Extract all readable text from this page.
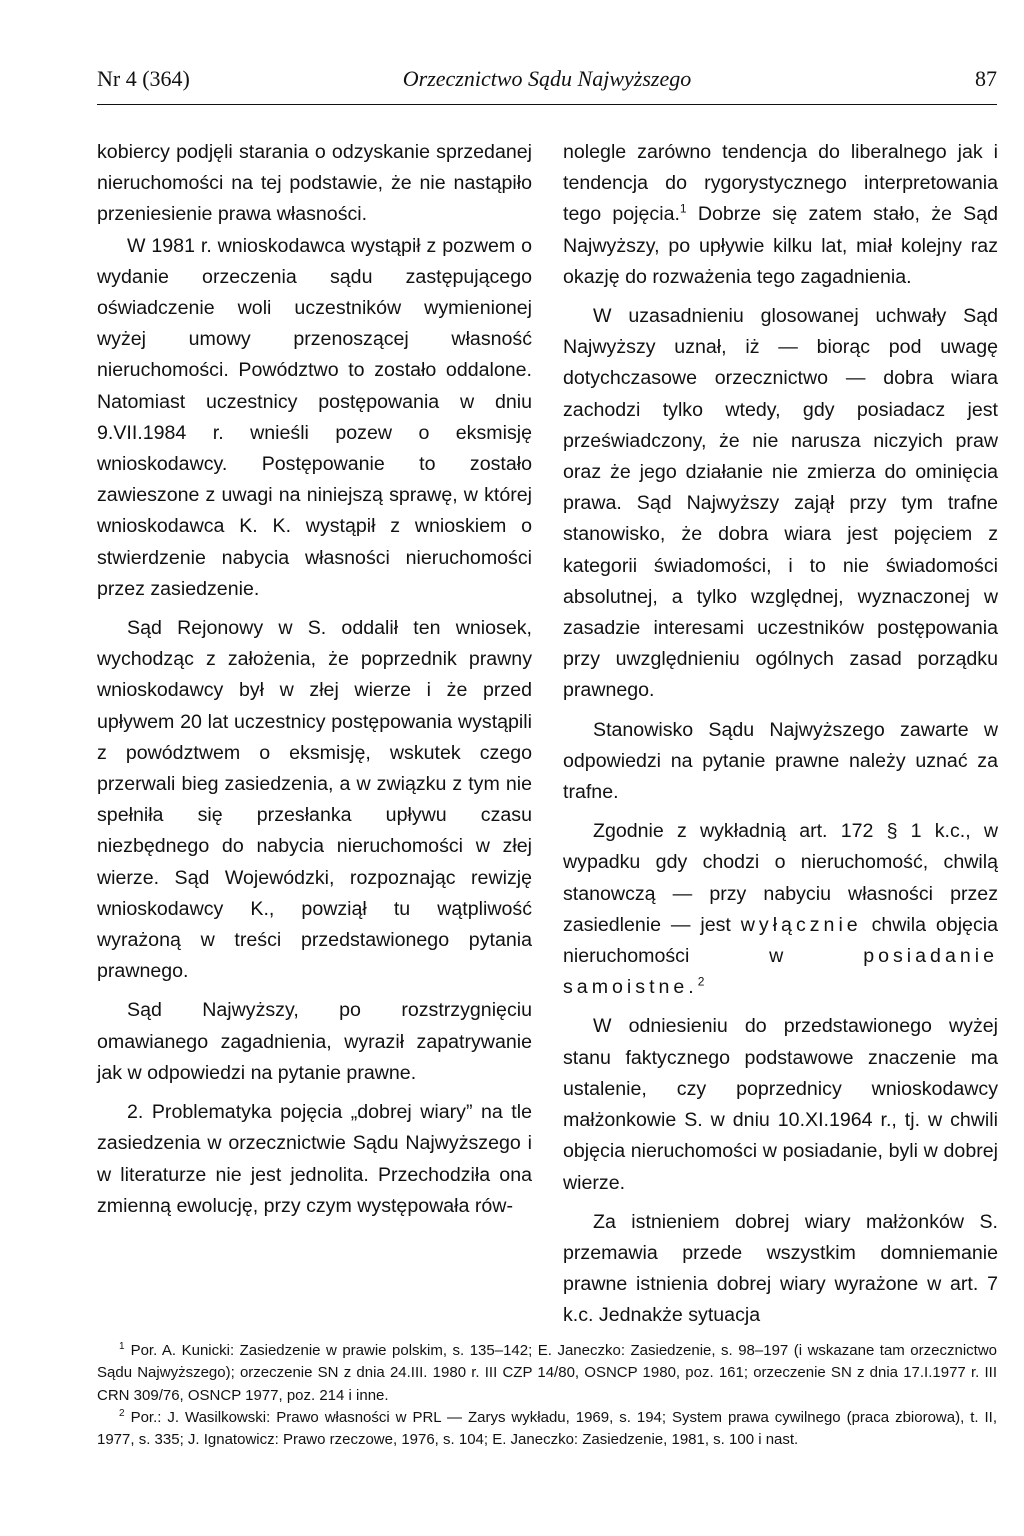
Nr 4 (364)	Orzecznictwo Sądu Najwyższego	87

kobiercy podjęli starania o odzyskanie sprzedanej nieruchomości na tej podstawie, że nie nastąpiło przeniesienie prawa własności.

W 1981 r. wnioskodawca wystąpił z pozwem o wydanie orzeczenia sądu zastępującego oświadczenie woli uczestników wymienionej wyżej umowy przenoszącej własność nieruchomości. Powództwo to zostało oddalone. Natomiast uczestnicy postępowania w dniu 9.VII.1984 r. wnieśli pozew o eksmisję wnioskodawcy. Postępowanie to zostało zawieszone z uwagi na niniejszą sprawę, w której wnioskodawca K. K. wystąpił z wnioskiem o stwierdzenie nabycia własności nieruchomości przez zasiedzenie.

Sąd Rejonowy w S. oddalił ten wniosek, wychodząc z założenia, że poprzednik prawny wnioskodawcy był w złej wierze i że przed upływem 20 lat uczestnicy postępowania wystąpili z powództwem o eksmisję, wskutek czego przerwali bieg zasiedzenia, a w związku z tym nie spełniła się przesłanka upływu czasu niezbędnego do nabycia nieruchomości w złej wierze. Sąd Wojewódzki, rozpoznając rewizję wnioskodawcy K., powziął tu wątpliwość wyrażoną w treści przedstawionego pytania prawnego.

Sąd Najwyższy, po rozstrzygnięciu omawianego zagadnienia, wyraził zapatrywanie jak w odpowiedzi na pytanie prawne.

2. Problematyka pojęcia „dobrej wiary” na tle zasiedzenia w orzecznictwie Sądu Najwyższego i w literaturze nie jest jednolita. Przechodziła ona zmienną ewolucję, przy czym występowała rów-

nolegle zarówno tendencja do liberalnego jak i tendencja do rygorystycznego interpretowania tego pojęcia.$^1$ Dobrze się zatem stało, że Sąd Najwyższy, po upływie kilku lat, miał kolejny raz okazję do rozważenia tego zagadnienia.

W uzasadnieniu glosowanej uchwały Sąd Najwyższy uznał, iż — biorąc pod uwagę dotychczasowe orzecznictwo — dobra wiara zachodzi tylko wtedy, gdy posiadacz jest przeświadczony, że nie narusza niczyich praw oraz że jego działanie nie zmierza do ominięcia prawa. Sąd Najwyższy zajął przy tym trafne stanowisko, że dobra wiara jest pojęciem z kategorii świadomości, i to nie świadomości absolutnej, a tylko względnej, wyznaczonej w zasadzie interesami uczestników postępowania przy uwzględnieniu ogólnych zasad porządku prawnego.

Stanowisko Sądu Najwyższego zawarte w odpowiedzi na pytanie prawne należy uznać za trafne.

Zgodnie z wykładnią art. 172 § 1 k.c., w wypadku gdy chodzi o nieruchomość, chwilą stanowczą — przy nabyciu własności przez zasiedlenie — jest wyłącznie chwila objęcia nieruchomości w posiadanie samoistne.$^2$

W odniesieniu do przedstawionego wyżej stanu faktycznego podstawowe znaczenie ma ustalenie, czy poprzednicy wnioskodawcy małżonkowie S. w dniu 10.XI.1964 r., tj. w chwili objęcia nieruchomości w posiadanie, byli w dobrej wierze.

Za istnieniem dobrej wiary małżonków S. przemawia przede wszystkim domniemanie prawne istnienia dobrej wiary wyrażone w art. 7 k.c. Jednakże sytuacja

$^1$ Por. A. Kunicki: Zasiedzenie w prawie polskim, s. 135–142; E. Janeczko: Zasiedzenie, s. 98–197 (i wskazane tam orzecznictwo Sądu Najwyższego); orzeczenie SN z dnia 24.III. 1980 r. III CZP 14/80, OSNCP 1980, poz. 161; orzeczenie SN z dnia 17.I.1977 r. III CRN 309/76, OSNCP 1977, poz. 214 i inne.

$^2$ Por.: J. Wasilkowski: Prawo własności w PRL — Zarys wykładu, 1969, s. 194; System prawa cywilnego (praca zbiorowa), t. II, 1977, s. 335; J. Ignatowicz: Prawo rzeczowe, 1976, s. 104; E. Janeczko: Zasiedzenie, 1981, s. 100 i nast.
